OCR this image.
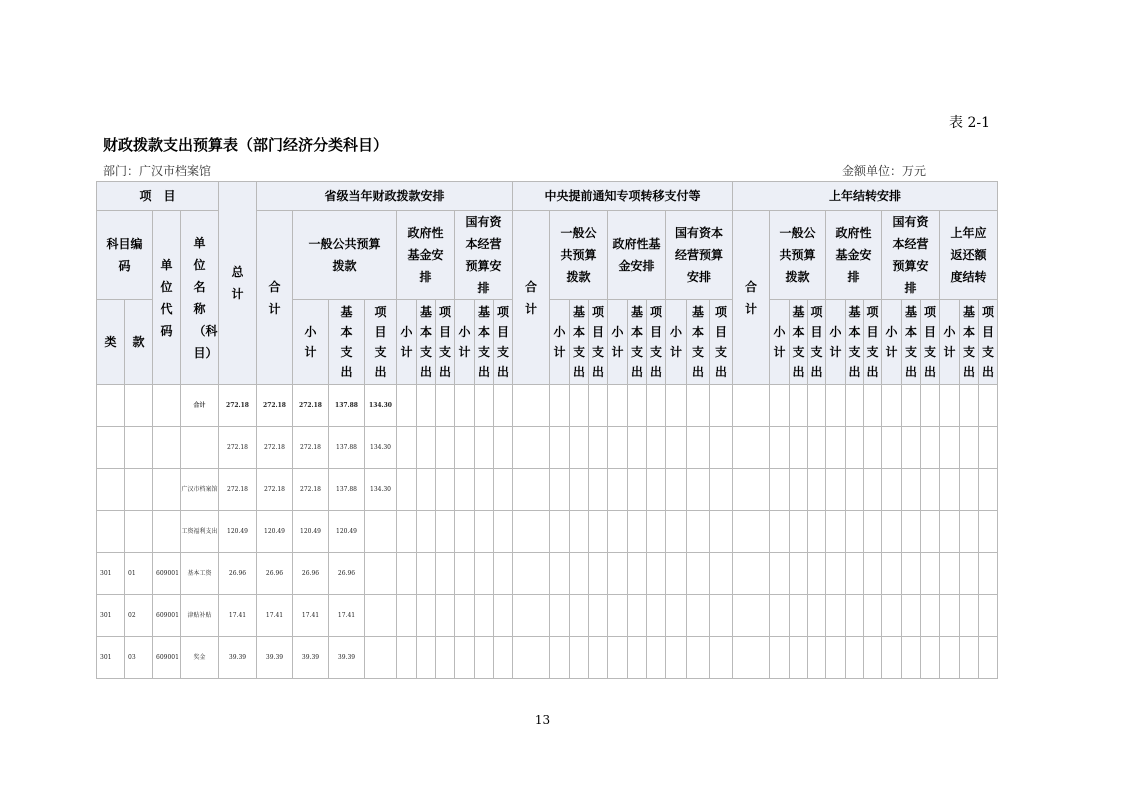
表 2-1
财政拨款支出预算表（部门经济分类科目）
部门：广汉市档案馆	金额单位：万元
项　目				总计	省级当年财政拨款安排										中央提前通知专项转移支付等										上年结转安排												
科目编码		单位代码	单位名称（科目）		合计	一般公共预算拨款			政府性基金安排			国有资本经营预算安排			合计	一般公共预算拨款			政府性基金安排			国有资本经营预算安排			合计	一般公共预算拨款			政府性基金安排			国有资本经营预算安排			上年应返还额度结转		
类	款					小计	基本支出	项目支出	小计	基本支出	项目支出	小计	基本支出	项目支出		小计	基本支出	项目支出	小计	基本支出	项目支出	小计	基本支出	项目支出		小计	基本支出	项目支出	小计	基本支出	项目支出	小计	基本支出	项目支出	小计	基本支出	项目支出
			合计	272.18	272.18	272.18	137.88	134.30																													
				272.18	272.18	272.18	137.88	134.30																													
			广汉市档案馆	272.18	272.18	272.18	137.88	134.30																													
			工资福利支出	120.49	120.49	120.49	120.49																														
301	01	609001	基本工资	26.96	26.96	26.96	26.96																														
301	02	609001	津贴补贴	17.41	17.41	17.41	17.41																														
301	03	609001	奖金	39.39	39.39	39.39	39.39																														
13
